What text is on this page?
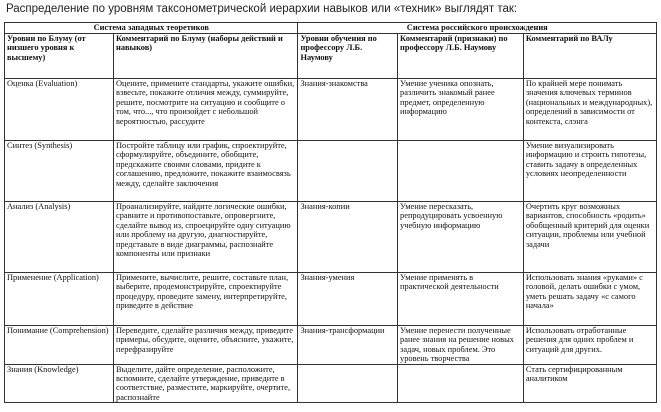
Распределение по уровням таксонометрической иерархии навыков или «техник» выглядят так:
Система западных теоретиков		Система российского происхождения		
Уровни по Блуму (от низшего уровня к высшему)	Комментарий по Блуму (наборы действий и навыков)	Уровни обучения по профессору Л.Б. Наумову	Комментарий (признаки) по профессору Л.Б. Наумову	Комментарий по ВАЛу
Оценка (Evaluation)	Оцените, примените стандарты, укажите ошибки, взвесьте, покажите отличия между, суммируйте, решите, посмотрите на ситуацию и сообщите о том, что..., что произойдет с небольшой вероятностью, рассудите	Знания-знакомства	Умение ученика опознать, различить знакомый ранее предмет, определенную информацию	По крайней мере понимать значения ключевых терминов (национальных и международных), определений в зависимости от контекста, слэнга
Синтез (Synthesis)	Постройте таблицу или график, спроектируйте, сформулируйте, объедините, обобщите, предскажите своими словами, придите к соглашению, предложите, покажите взаимосвязь между, сделайте заключения			Умение визуализировать информацию и строить гипотезы, ставить задачу в определенных условиях неопределенности
Анализ (Analysis)	Проанализируйте, найдите логические ошибки, сравните и противопоставьте, опровергните, сделайте вывод из, спроецируйте одну ситуацию или проблему на другую, диагностируйте, представьте в виде диаграммы, распознайте компоненты или признаки	Знания-копии	Умение пересказать, репродуцировать усвоенную учебную информацию	Очертить круг возможных вариантов, способность «родить» обобщенный критерий для оценки ситуации, проблемы или учебной задачи
Применение (Application)	Примените, вычислите, решите, составьте план, выберите, продемонстрируйте, спроектируйте процедуру, проведите замену, интерпретируйте, приведите в действие	Знания-умения	Умение применять в практической деятельности	Использовать знания «руками» с головой, делать ошибки с умом, уметь решать задачу «с самого начала»
Понимание (Comprehension)	Переведите, сделайте различия между, приведите примеры, обсудите, оцените, объясните, укажите, перефразируйте	Знания-трансформации	Умение перенести полученные ранее знания на решение новых задач, новых проблем. Это уровень творчества	Использовать отработанные решения для одних проблем и ситуаций для других.
Знания (Knowledge)	Выделите, дайте определение, расположите, вспомните, сделайте утверждение, приведите в соответствие, разместите, маркируйте, очертите, распознайте			Стать сертифицированным аналитиком
